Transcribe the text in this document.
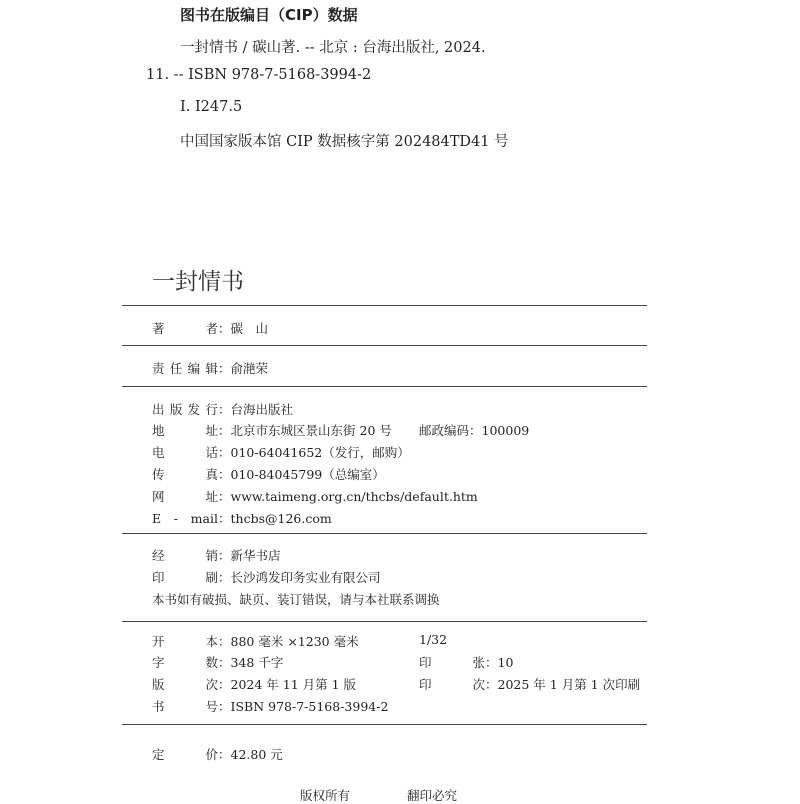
图书在版编目（CIP）数据
一封情书 / 碳山著. -- 北京 : 台海出版社, 2024.
11. -- ISBN 978-7-5168-3994-2
Ⅰ. I247.5
中国国家版本馆 CIP 数据核字第 202484TD41 号
一封情书
著　　者：碳　山
责任编辑：俞滟荣
出版发行：台海出版社
地　　址：北京市东城区景山东街 20 号 邮政编码：100009
电　　话：010-64041652（发行，邮购）
传　　真：010-84045799（总编室）
网　　址：www.taimeng.org.cn/thcbs/default.htm
E - mail：thcbs@126.com
经　　销：新华书店
印　　刷：长沙鸿发印务实业有限公司
本书如有破损、缺页、装订错误，请与本社联系调换
开　　本：880 毫米 ×1230 毫米	1/32
字　　数：348 千字	印　　张：10
版　　次：2024 年 11 月第 1 版	印　　次：2025 年 1 月第 1 次印刷
书　　号：ISBN 978-7-5168-3994-2
定　　价：42.80 元
版权所有	翻印必究
